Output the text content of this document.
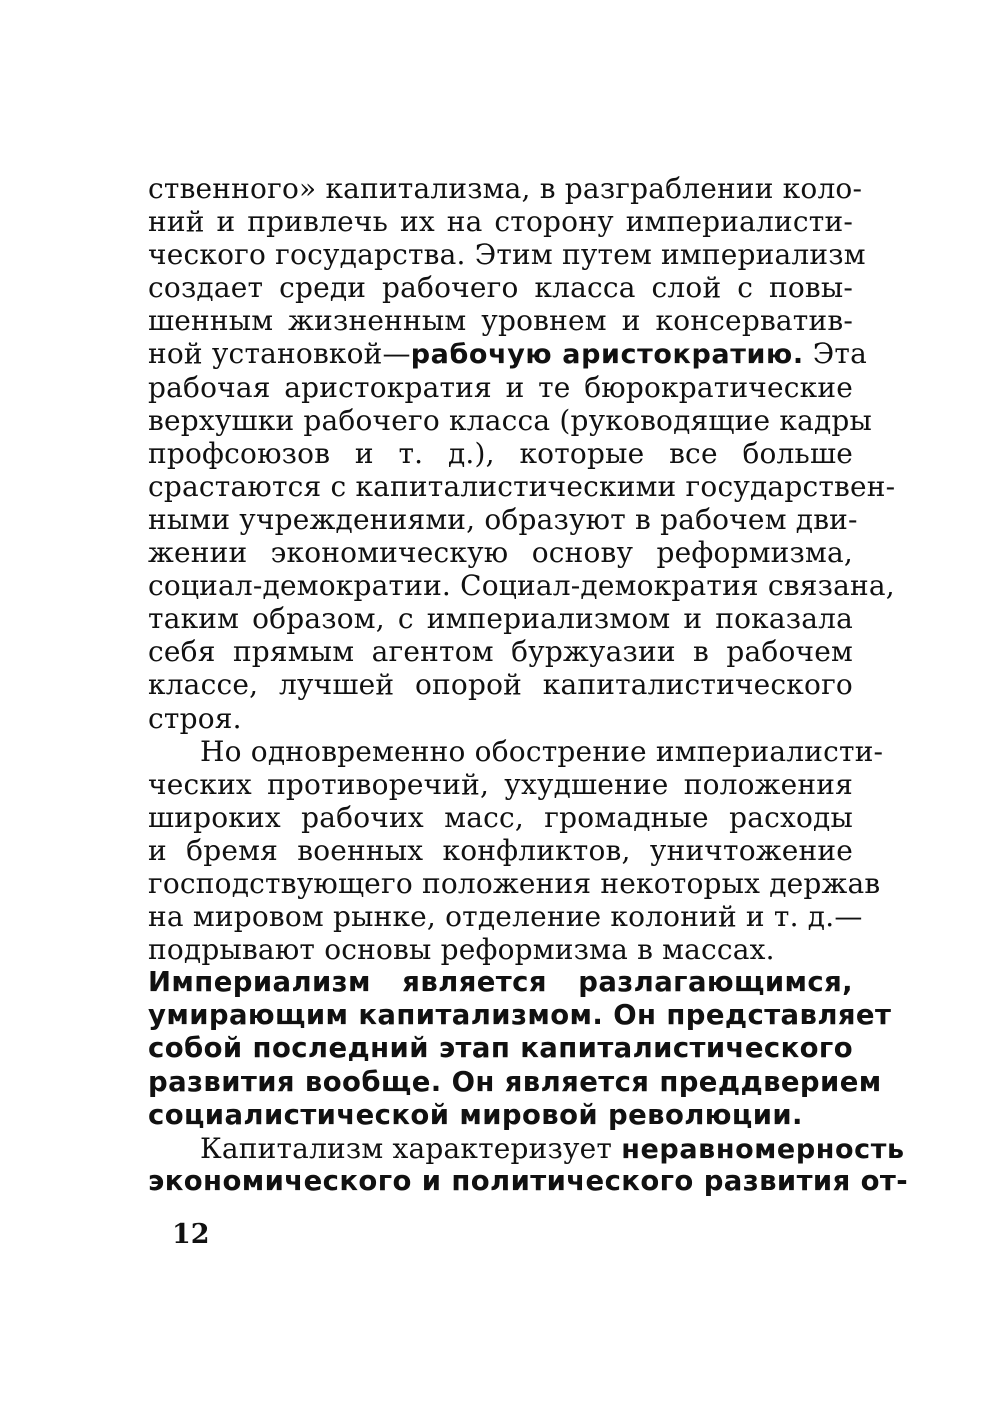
ственного» капитализма, в разграблении коло-
ний и привлечь их на сторону империалисти-
ческого государства. Этим путем империализм
создает среди рабочего класса слой с повы-
шенным жизненным уровнем и консерватив-
ной установкой—рабочую аристократию. Эта
рабочая аристократия и те бюрократические
верхушки рабочего класса (руководящие кадры
профсоюзов и т. д.), которые все больше
срастаются с капиталистическими государствен-
ными учреждениями, образуют в рабочем дви-
жении экономическую основу реформизма,
социал-демократии. Социал-демократия связана,
таким образом, с империализмом и показала
себя прямым агентом буржуазии в рабочем
классе, лучшей опорой капиталистического
строя.
Но одновременно обострение империалисти-
ческих противоречий, ухудшение положения
широких рабочих масс, громадные расходы
и бремя военных конфликтов, уничтожение
господствующего положения некоторых держав
на мировом рынке, отделение колоний и т. д.—
подрывают основы реформизма в массах.
Империализм является разлагающимся,
умирающим капитализмом. Он представляет
собой последний этап капиталистического
развития вообще. Он является преддверием
социалистической мировой революции.
Капитализм характеризует неравномерность
экономического и политического развития от-
12
